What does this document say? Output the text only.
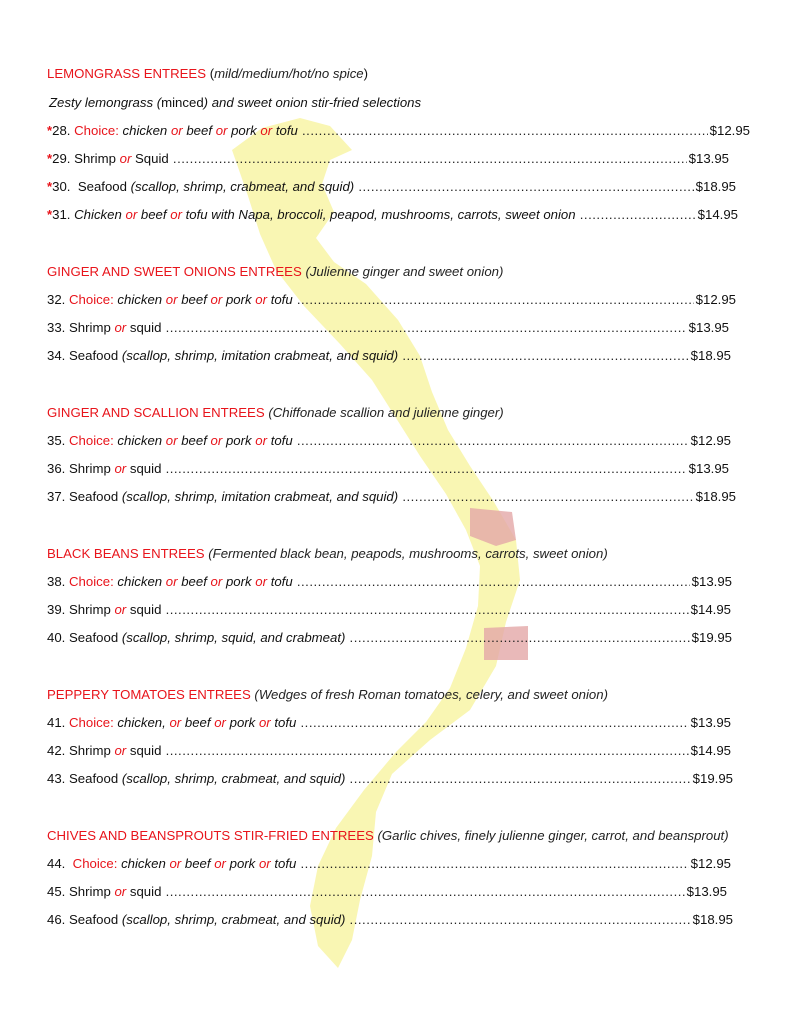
LEMONGRASS ENTREES (mild/medium/hot/no spice)
Zesty lemongrass (minced) and sweet onion stir-fried selections
*28. Choice: chicken or beef or pork or tofu .....	$12.95
*29. Shrimp or Squid .....	$13.95
*30. Seafood (scallop, shrimp, crabmeat, and squid) .....	$18.95
*31. Chicken or beef or tofu with Napa, broccoli, peapod, mushrooms, carrots, sweet onion .....	$14.95
GINGER AND SWEET ONIONS ENTREES (Julienne ginger and sweet onion)
32. Choice: chicken or beef or pork or tofu .....	$12.95
33. Shrimp or squid .....	$13.95
34. Seafood (scallop, shrimp, imitation crabmeat, and squid) .....	$18.95
GINGER AND SCALLION ENTREES (Chiffonade scallion and julienne ginger)
35. Choice: chicken or beef or pork or tofu .....	$12.95
36. Shrimp or squid .....	$13.95
37. Seafood (scallop, shrimp, imitation crabmeat, and squid) .....	$18.95
BLACK BEANS ENTREES (Fermented black bean, peapods, mushrooms, carrots, sweet onion)
38. Choice: chicken or beef or pork or tofu .....	$13.95
39. Shrimp or squid .....	$14.95
40. Seafood (scallop, shrimp, squid, and crabmeat) .....	$19.95
PEPPERY TOMATOES ENTREES (Wedges of fresh Roman tomatoes, celery, and sweet onion)
41. Choice: chicken, or beef or pork or tofu .....	$13.95
42. Shrimp or squid .....	$14.95
43. Seafood (scallop, shrimp, crabmeat, and squid) .....	$19.95
CHIVES AND BEANSPROUTS STIR-FRIED ENTREES (Garlic chives, finely julienne ginger, carrot, and beansprout)
44. Choice: chicken or beef or pork or tofu .....	$12.95
45. Shrimp or squid .....	$13.95
46. Seafood (scallop, shrimp, crabmeat, and squid) .....	$18.95
